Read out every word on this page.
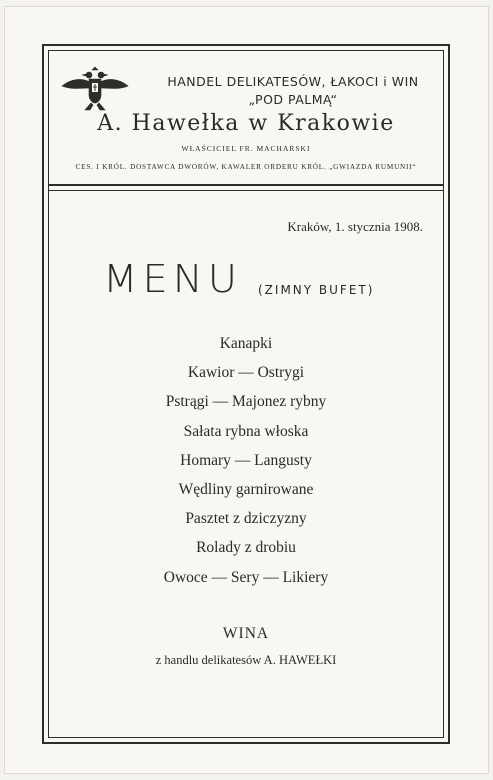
HANDEL DELIKATESÓW, ŁAKOCI i WIN
„POD PALMĄ“
A. Hawełka w Krakowie
WŁAŚCICIEL FR. MACHARSKI
CES. I KRÓL. DOSTAWCA DWORÓW, KAWALER ORDERU KRÓL. „GWIAZDA RUMUNII“
Kraków, 1. stycznia 1908.
MENU (ZIMNY BUFET)
Kanapki
Kawior — Ostrygi
Pstrągi — Majonez rybny
Sałata rybna włoska
Homary — Langusty
Wędliny garnirowane
Pasztet z dziczyzny
Rolady z drobiu
Owoce — Sery — Likiery
WINA
z handlu delikatesów A. HAWEŁKI
